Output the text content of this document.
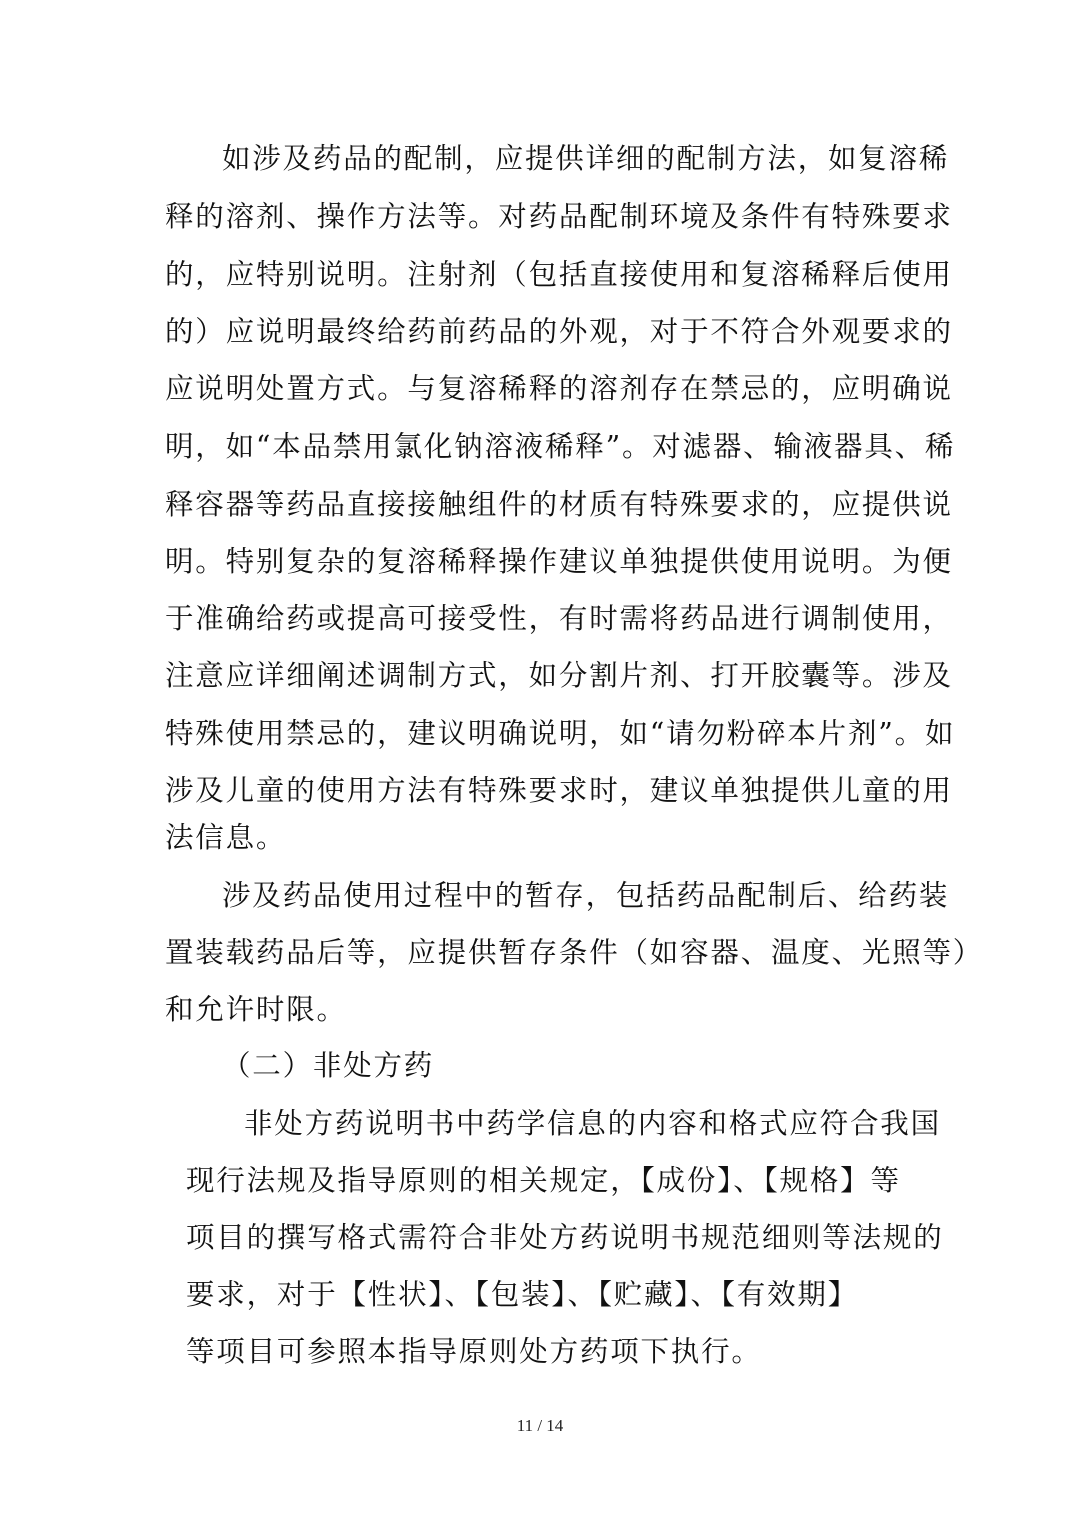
如涉及药品的配制，应提供详细的配制方法，如复溶稀

释的溶剂、操作方法等。对药品配制环境及条件有特殊要求

的，应特别说明。注射剂（包括直接使用和复溶稀释后使用

的）应说明最终给药前药品的外观，对于不符合外观要求的

应说明处置方式。与复溶稀释的溶剂存在禁忌的，应明确说

明，如“本品禁用氯化钠溶液稀释”。对滤器、输液器具、稀

释容器等药品直接接触组件的材质有特殊要求的，应提供说

明。特别复杂的复溶稀释操作建议单独提供使用说明。为便

于准确给药或提高可接受性，有时需将药品进行调制使用，

注意应详细阐述调制方式，如分割片剂、打开胶囊等。涉及

特殊使用禁忌的，建议明确说明，如“请勿粉碎本片剂”。如

涉及儿童的使用方法有特殊要求时，建议单独提供儿童的用

法信息。

涉及药品使用过程中的暂存，包括药品配制后、给药装

置装载药品后等，应提供暂存条件（如容器、温度、光照等）

和允许时限。

（二）非处方药

非处方药说明书中药学信息的内容和格式应符合我国

现行法规及指导原则的相关规定，【成份】、【规格】等

项目的撰写格式需符合非处方药说明书规范细则等法规的

要求，对于【性状】、【包装】、【贮藏】、【有效期】

等项目可参照本指导原则处方药项下执行。

11 / 14
